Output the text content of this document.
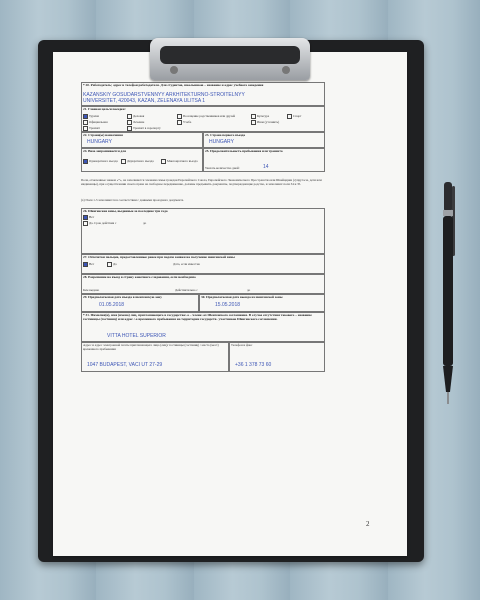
* 20. Работодатель; адрес и телефон работодателя. Для студентов, школьников – название и адрес учебного заведения
KAZANSKIY GOSUDARSTVENNYY ARKHITEKTURNO-STROITELNYY
UNIVERSITET, 420043, KAZAN, ZELENAYA ULITSA 1
21. Главная цель/и поездки:
Туризм	Деловая	Посещение родственников или друзей	Культура	Спорт
Официальная	Лечение	Учеба	Иная (уточнить)
Транзит	Транзит в аэропорту
22. Страна(ы) назначения
HUNGARY
23. Страна первого въезда
HUNGARY
24. Виза запрашивается для
Однократного въезда	Двукратного въезда	Многократного въезда
25. Продолжительность пребывания или транзита
Указать количество дней:	14
Поля, отмеченные знаком «*», не заполняются членами семьи граждан Европейского Союза, Европейского Экономического Пространства или Швейцарии (супруга/-и, дети или иждивенцы), при осуществлении своего права на свободное передвижение, должны предъявить документы, подтверждающие родство, и заполняют поля 34 и 35.
(x) Поля 1-3 заполняются в соответствии с данными проездного документа.
26. Шенгенские визы, выданные за последние три года
Нет
Да. Срок действия с	до
27. Отпечатки пальцев, предоставленные ранее при подаче заявки на получение шенгенской визы
Нет	Да	Дата, если известна
28. Разрешение на въезд в страну конечного следования, если необходимо
Кем выдано	Действительно с	до
29. Предполагаемая дата въезда в шенгенскую зону
01.05.2018
30. Предполагаемая дата выезда из шенгенской зоны
15.05.2018
* 31. Фамилия(и), имя (имена) лиц, приглашающего в государства/-а – члена/-ах Шенгенского соглашения. В случае отсутствия такового – название гостиницы (гостиниц) или адрес /-а временного пребывания на территории государств- участников Шенгенского соглашения.
VITTA HOTEL SUPERIOR
Адрес и адрес электронной почты приглашающего лица (лиц)/ гостиницы (гостиниц) / места (мест) временного пребывания
1047 BUDAPEST, VACI UT 27-29
Телефон и факс
+36 1 378 73 60
2
